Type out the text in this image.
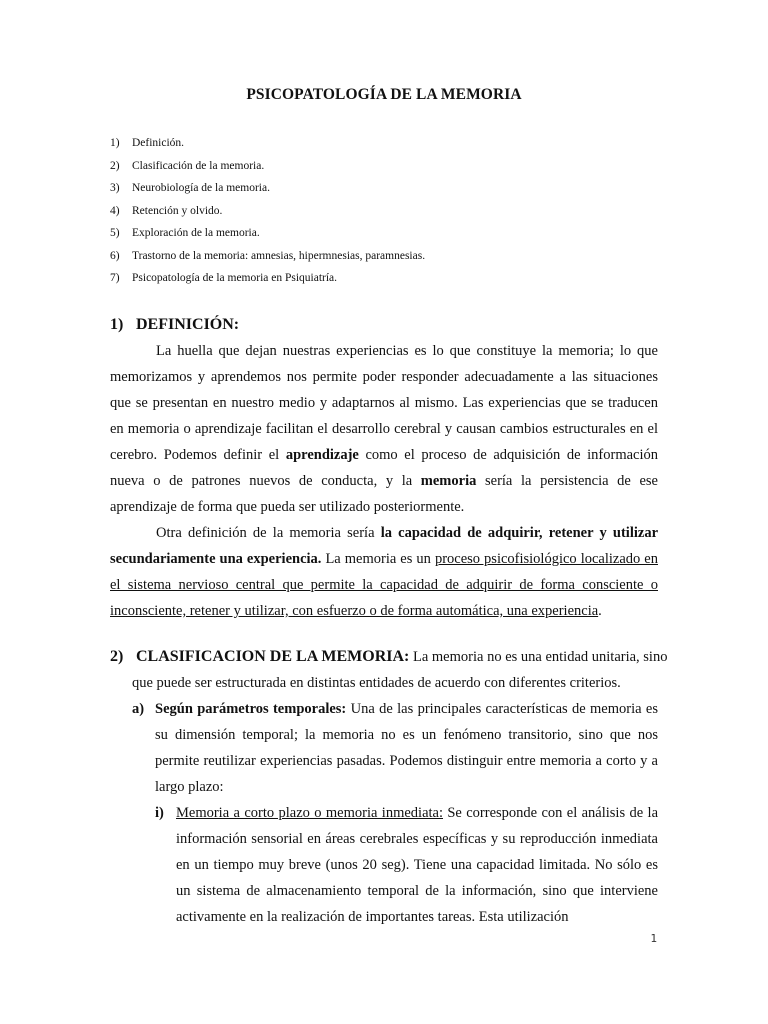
PSICOPATOLOGÍA DE LA MEMORIA
1) Definición.
2) Clasificación de la memoria.
3) Neurobiología de la memoria.
4) Retención y olvido.
5) Exploración de la memoria.
6) Trastorno de la memoria: amnesias, hipermnesias, paramnesias.
7) Psicopatología de la memoria en Psiquiatría.
1) DEFINICIÓN:

La huella que dejan nuestras experiencias es lo que constituye la memoria; lo que memorizamos y aprendemos nos permite poder responder adecuadamente a las situaciones que se presentan en nuestro medio y adaptarnos al mismo. Las experiencias que se traducen en memoria o aprendizaje facilitan el desarrollo cerebral y causan cambios estructurales en el cerebro. Podemos definir el aprendizaje como el proceso de adquisición de información nueva o de patrones nuevos de conducta, y la memoria sería la persistencia de ese aprendizaje de forma que pueda ser utilizado posteriormente.

Otra definición de la memoria sería la capacidad de adquirir, retener y utilizar secundariamente una experiencia. La memoria es un proceso psicofisiológico localizado en el sistema nervioso central que permite la capacidad de adquirir de forma consciente o inconsciente, retener y utilizar, con esfuerzo o de forma automática, una experiencia.

2) CLASIFICACION DE LA MEMORIA: La memoria no es una entidad unitaria, sino

que puede ser estructurada en distintas entidades de acuerdo con diferentes criterios.

a) Según parámetros temporales: Una de las principales características de memoria es su dimensión temporal; la memoria no es un fenómeno transitorio, sino que nos permite reutilizar experiencias pasadas. Podemos distinguir entre memoria a corto y a largo plazo:
i) Memoria a corto plazo o memoria inmediata: Se corresponde con el análisis de la información sensorial en áreas cerebrales específicas y su reproducción inmediata en un tiempo muy breve (unos 20 seg). Tiene una capacidad limitada. No sólo es un sistema de almacenamiento temporal de la información, sino que interviene activamente en la realización de importantes tareas. Esta utilización
1
